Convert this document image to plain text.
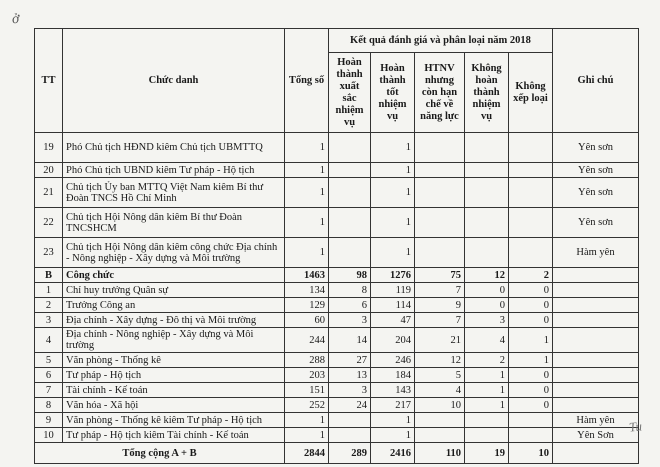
ở
TT	Chức danh	Tổng số	Kết quả đánh giá và phân loại năm 2018					Ghi chú
			Hoàn thành xuất sắc nhiệm vụ	Hoàn thành tốt nhiệm vụ	HTNV nhưng còn hạn chế về năng lực	Không hoàn thành nhiệm vụ	Không xếp loại	
19	Phó Chủ tịch HĐND kiêm Chủ tịch UBMTTQ	1		1				Yên sơn
20	Phó Chủ tịch UBND kiêm Tư pháp - Hộ tịch	1		1				Yên sơn
21	Chủ tịch Ủy ban MTTQ Việt Nam kiêm Bí thư Đoàn TNCS Hồ Chí Minh	1		1				Yên sơn
22	Chủ tịch Hội Nông dân kiêm Bí thư Đoàn TNCSHCM	1		1				Yên sơn
23	Chủ tịch Hội Nông dân kiêm công chức Địa chính - Nông nghiệp - Xây dựng và Môi trường	1		1				Hàm yên
B	Công chức	1463	98	1276	75	12	2	
1	Chỉ huy trưởng Quân sự	134	8	119	7	0	0	
2	Trưởng Công an	129	6	114	9	0	0	
3	Địa chính - Xây dựng - Đô thị và Môi trường	60	3	47	7	3	0	
4	Địa chính - Nông nghiệp - Xây dựng và Môi trường	244	14	204	21	4	1	
5	Văn phòng - Thống kê	288	27	246	12	2	1	
6	Tư pháp - Hộ tịch	203	13	184	5	1	0	
7	Tài chính - Kế toán	151	3	143	4	1	0	
8	Văn hóa - Xã hội	252	24	217	10	1	0	
9	Văn phòng - Thống kê kiêm Tư pháp - Hộ tịch	1		1				Hàm yên
10	Tư pháp - Hộ tịch kiêm Tài chính - Kế toán	1		1				Yên Sơn
Tổng cộng A + B		2844	289	2416	110	19	10	
Tu
